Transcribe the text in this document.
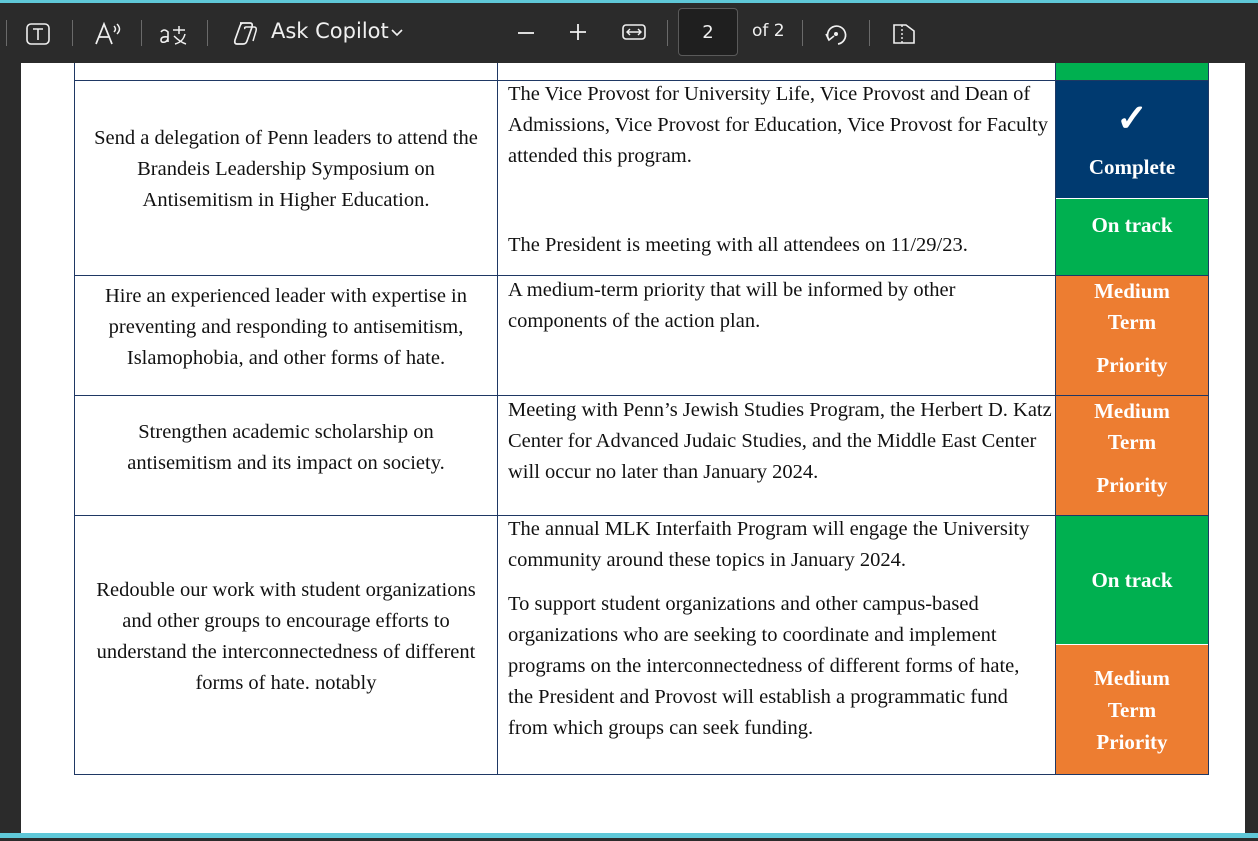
Ask Copilot	2	of 2
Send a delegation of Penn leaders to attend the Brandeis Leadership Symposium on Antisemitism in Higher Education.
The Vice Provost for University Life, Vice Provost and Dean of Admissions, Vice Provost for Education, Vice Provost for Faculty attended this program.
The President is meeting with all attendees on 11/29/23.
✓
Complete
On track
Hire an experienced leader with expertise in preventing and responding to antisemitism, Islamophobia, and other forms of hate.
A medium-term priority that will be informed by other components of the action plan.
Medium Term
Priority
Strengthen academic scholarship on antisemitism and its impact on society.
Meeting with Penn’s Jewish Studies Program, the Herbert D. Katz Center for Advanced Judaic Studies, and the Middle East Center will occur no later than January 2024.
Medium Term
Priority
Redouble our work with student organizations and other groups to encourage efforts to understand the interconnectedness of different forms of hate. notably
The annual MLK Interfaith Program will engage the University community around these topics in January 2024.
To support student organizations and other campus-based organizations who are seeking to coordinate and implement programs on the interconnectedness of different forms of hate, the President and Provost will establish a programmatic fund from which groups can seek funding.
On track
Medium Term Priority
